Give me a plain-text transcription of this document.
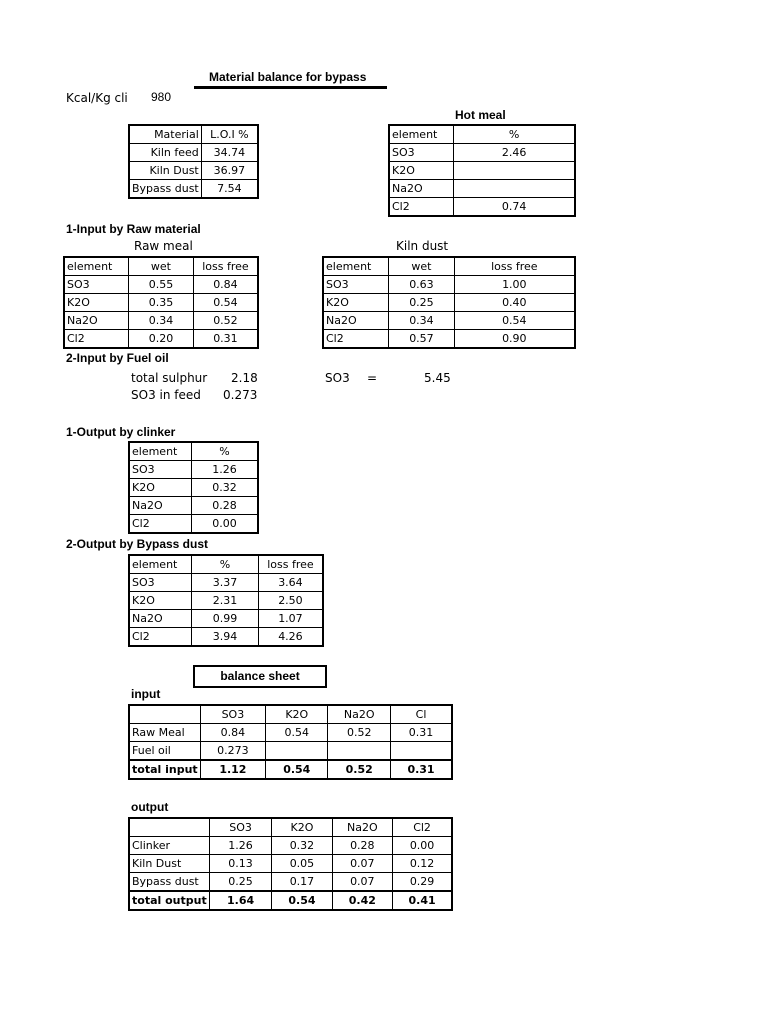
Material balance for bypass
Kcal/Kg cli 980
Material	L.O.I %
Kiln feed	34.74
Kiln Dust	36.97
Bypass dust	7.54
Hot meal
element	%
SO3	2.46
K2O	
Na2O	
Cl2	0.74
1-Input by Raw material
Raw meal	Kiln dust
element	wet	loss free
SO3	0.55	0.84
K2O	0.35	0.54
Na2O	0.34	0.52
Cl2	0.20	0.31
element	wet	loss free
SO3	0.63	1.00
K2O	0.25	0.40
Na2O	0.34	0.54
Cl2	0.57	0.90
2-Input by Fuel oil
total sulphur 2.18	SO3 =	5.45
SO3 in feed 0.273
1-Output by clinker
element	%
SO3	1.26
K2O	0.32
Na2O	0.28
Cl2	0.00
2-Output by Bypass dust
element	%	loss free
SO3	3.37	3.64
K2O	2.31	2.50
Na2O	0.99	1.07
Cl2	3.94	4.26
balance sheet
input
	SO3	K2O	Na2O	Cl
Raw Meal	0.84	0.54	0.52	0.31
Fuel oil	0.273			
total input	1.12	0.54	0.52	0.31
output
	SO3	K2O	Na2O	Cl2
Clinker	1.26	0.32	0.28	0.00
Kiln Dust	0.13	0.05	0.07	0.12
Bypass dust	0.25	0.17	0.07	0.29
total output	1.64	0.54	0.42	0.41
